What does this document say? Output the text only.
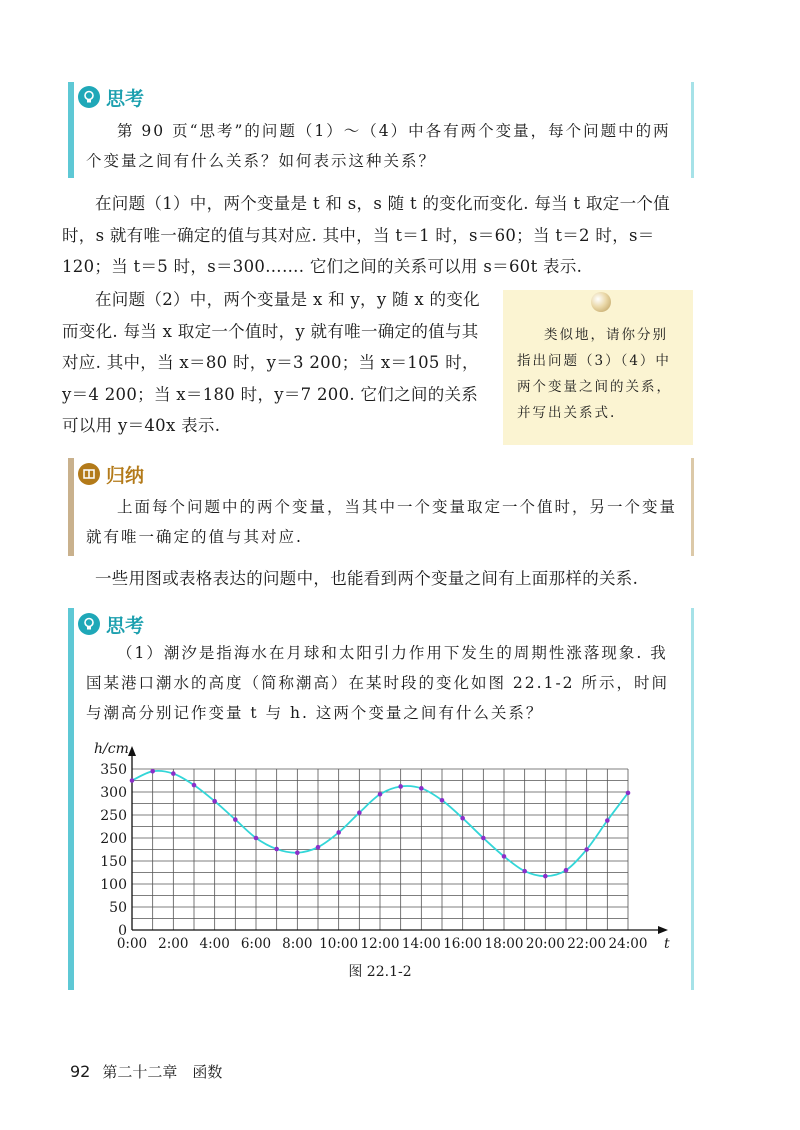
思考
第 90 页“思考”的问题（1）～（4）中各有两个变量，每个问题中的两个变量之间有什么关系？如何表示这种关系？
在问题（1）中，两个变量是 t 和 s，s 随 t 的变化而变化. 每当 t 取定一个值时，s 就有唯一确定的值与其对应. 其中，当 t＝1 时，s＝60；当 t＝2 时，s＝120；当 t＝5 时，s＝300……. 它们之间的关系可以用 s＝60t 表示.
在问题（2）中，两个变量是 x 和 y，y 随 x 的变化而变化. 每当 x 取定一个值时，y 就有唯一确定的值与其对应. 其中，当 x＝80 时，y＝3 200；当 x＝105 时，y＝4 200；当 x＝180 时，y＝7 200. 它们之间的关系可以用 y＝40x 表示.
类似地，请你分别指出问题（3）（4）中两个变量之间的关系，并写出关系式.
归纳
上面每个问题中的两个变量，当其中一个变量取定一个值时，另一个变量就有唯一确定的值与其对应.
一些用图或表格表达的问题中，也能看到两个变量之间有上面那样的关系.
思考
（1）潮汐是指海水在月球和太阳引力作用下发生的周期性涨落现象. 我国某港口潮水的高度（简称潮高）在某时段的变化如图 22.1-2 所示，时间与潮高分别记作变量 t 与 h. 这两个变量之间有什么关系？
0
50
100
150
200
250
300
350
0:00 2:00 4:00 6:00 8:00 10:00 12:00 14:00 16:00 18:00 20:00 22:00 24:00
h/cm
t
图 22.1-2
92 第二十二章　函数
